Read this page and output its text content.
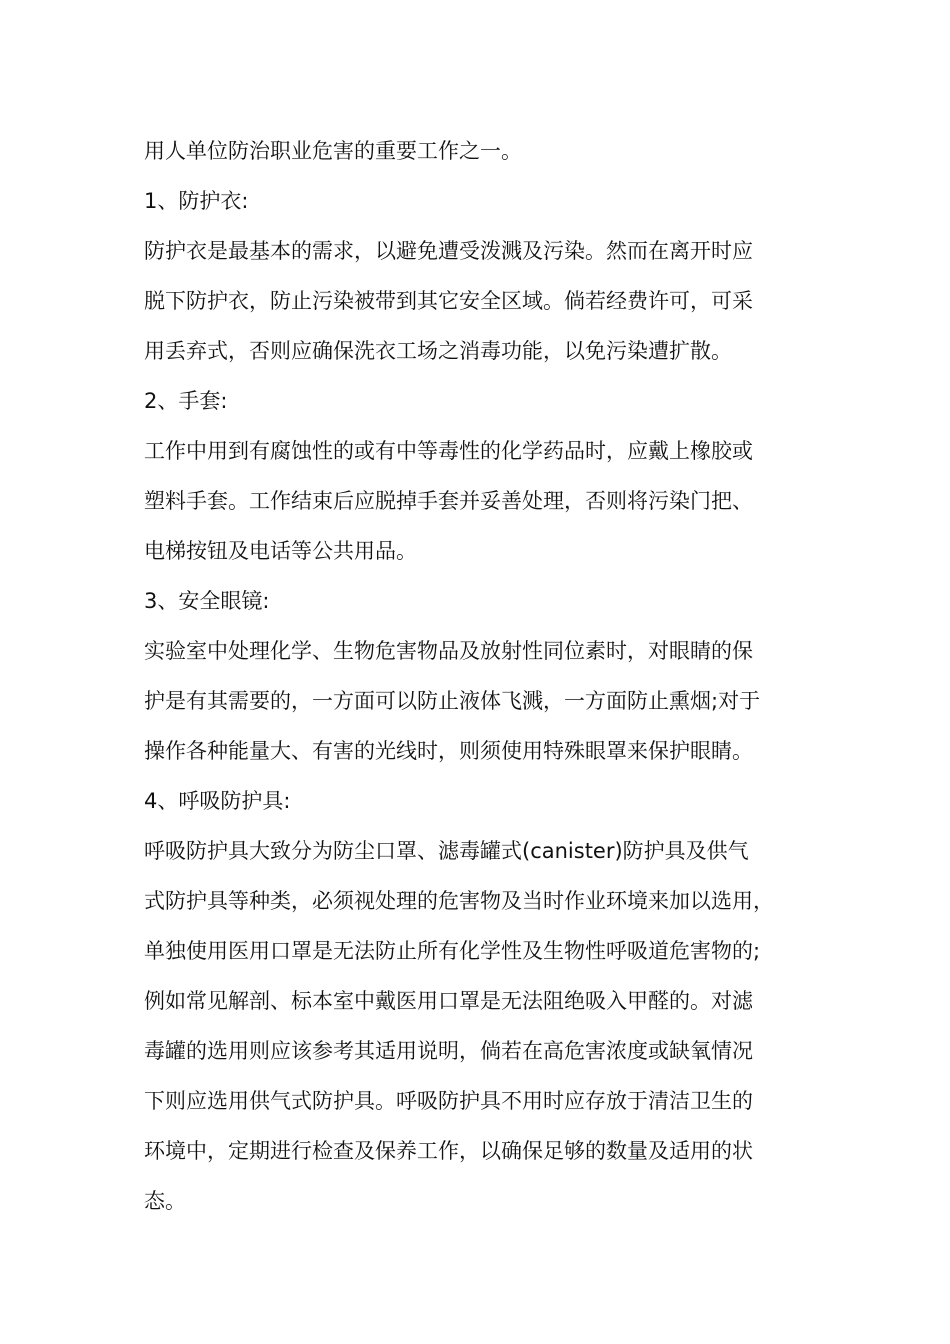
用人单位防治职业危害的重要工作之一。
1、防护衣:
防护衣是最基本的需求，以避免遭受泼溅及污染。然而在离开时应
脱下防护衣，防止污染被带到其它安全区域。倘若经费许可，可采
用丢弃式，否则应确保洗衣工场之消毒功能，以免污染遭扩散。
2、手套:
工作中用到有腐蚀性的或有中等毒性的化学药品时，应戴上橡胶或
塑料手套。工作结束后应脱掉手套并妥善处理，否则将污染门把、
电梯按钮及电话等公共用品。
3、安全眼镜:
实验室中处理化学、生物危害物品及放射性同位素时，对眼睛的保
护是有其需要的，一方面可以防止液体飞溅，一方面防止熏烟;对于
操作各种能量大、有害的光线时，则须使用特殊眼罩来保护眼睛。
4、呼吸防护具:
呼吸防护具大致分为防尘口罩、滤毒罐式(canister)防护具及供气
式防护具等种类，必须视处理的危害物及当时作业环境来加以选用，
单独使用医用口罩是无法防止所有化学性及生物性呼吸道危害物的;
例如常见解剖、标本室中戴医用口罩是无法阻绝吸入甲醛的。对滤
毒罐的选用则应该参考其适用说明，倘若在高危害浓度或缺氧情况
下则应选用供气式防护具。呼吸防护具不用时应存放于清洁卫生的
环境中，定期进行检查及保养工作，以确保足够的数量及适用的状
态。
